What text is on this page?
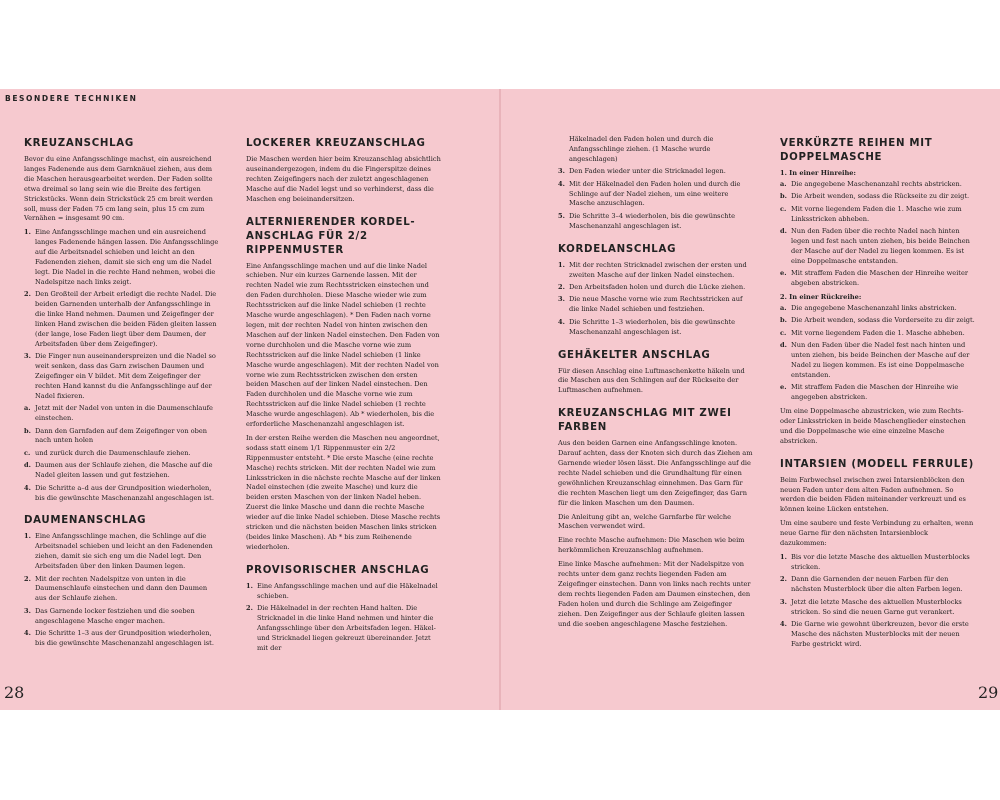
BESONDERE TECHNIKEN
KREUZANSCHLAG

Bevor du eine Anfangsschlinge machst, ein ausreichend langes Fadenende aus dem Garnknäuel ziehen, aus dem die Maschen herausgearbeitet werden. Der Faden sollte etwa dreimal so lang sein wie die Breite des fertigen Strickstücks. Wenn dein Strickstück 25 cm breit werden soll, muss der Faden 75 cm lang sein, plus 15 cm zum Vernähen = insgesamt 90 cm.

1. Eine Anfangsschlinge machen und ein ausreichend langes Fadenende hängen lassen. Die Anfangsschlinge auf die Arbeitsnadel schieben und leicht an den Fadenenden ziehen, damit sie sich eng um die Nadel legt. Die Nadel in die rechte Hand nehmen, wobei die Nadelspitze nach links zeigt.
2. Den Großteil der Arbeit erledigt die rechte Nadel. Die beiden Garnenden unterhalb der Anfangsschlinge in die linke Hand nehmen. Daumen und Zeigefinger der linken Hand zwischen die beiden Fäden gleiten lassen (der lange, lose Faden liegt über dem Daumen, der Arbeitsfaden über dem Zeigefinger).
3. Die Finger nun auseinanderspreizen und die Nadel so weit senken, dass das Garn zwischen Daumen und Zeigefinger ein V bildet. Mit dem Zeigefinger der rechten Hand kannst du die Anfangsschlinge auf der Nadel fixieren.
a. Jetzt mit der Nadel von unten in die Daumenschlaufe einstechen.
b. Dann den Garnfaden auf dem Zeigefinger von oben nach unten holen
c. und zurück durch die Daumenschlaufe ziehen.
d. Daumen aus der Schlaufe ziehen, die Masche auf die Nadel gleiten lassen und gut festziehen.
4. Die Schritte a–d aus der Grundposition wiederholen, bis die gewünschte Maschenanzahl angeschlagen ist.
DAUMENANSCHLAG
1. Eine Anfangsschlinge machen, die Schlinge auf die Arbeitsnadel schieben und leicht an den Fadenenden ziehen, damit sie sich eng um die Nadel legt. Den Arbeitsfaden über den linken Daumen legen.
2. Mit der rechten Nadelspitze von unten in die Daumenschlaufe einstechen und dann den Daumen aus der Schlaufe ziehen.
3. Das Garnende locker festziehen und die soeben angeschlagene Masche enger machen.
4. Die Schritte 1–3 aus der Grundposition wiederholen, bis die gewünschte Maschenanzahl angeschlagen ist.
LOCKERER KREUZANSCHLAG

Die Maschen werden hier beim Kreuzanschlag absichtlich auseinandergezogen, indem du die Fingerspitze deines rechten Zeigefingers nach der zuletzt angeschlagenen Masche auf die Nadel legst und so verhinderst, dass die Maschen eng beieinandersitzen.

ALTERNIERENDER KORDEL-ANSCHLAG FÜR 2/2 RIPPENMUSTER

Eine Anfangsschlinge machen und auf die linke Nadel schieben. Nur ein kurzes Garnende lassen. Mit der rechten Nadel wie zum Rechtsstricken einstechen und den Faden durchholen. Diese Masche wieder wie zum Rechtsstricken auf die linke Nadel schieben (1 rechte Masche wurde angeschlagen). * Den Faden nach vorne legen, mit der rechten Nadel von hinten zwischen den Maschen auf der linken Nadel einstechen. Den Faden von vorne durchholen und die Masche vorne wie zum Rechtsstricken auf die linke Nadel schieben (1 linke Masche wurde angeschlagen). Mit der rechten Nadel von vorne wie zum Rechtsstricken zwischen den ersten beiden Maschen auf der linken Nadel einstechen. Den Faden durchholen und die Masche vorne wie zum Rechtsstricken auf die linke Nadel schieben (1 rechte Masche wurde angeschlagen). Ab * wiederholen, bis die erforderliche Maschenanzahl angeschlagen ist.

In der ersten Reihe werden die Maschen neu angeordnet, sodass statt einem 1/1 Rippenmuster ein 2/2 Rippenmuster entsteht. * Die erste Masche (eine rechte Masche) rechts stricken. Mit der rechten Nadel wie zum Linksstricken in die nächste rechte Masche auf der linken Nadel einstechen (die zweite Masche) und kurz die beiden ersten Maschen von der linken Nadel heben. Zuerst die linke Masche und dann die rechte Masche wieder auf die linke Nadel schieben. Diese Masche rechts stricken und die nächsten beiden Maschen links stricken (beides linke Maschen). Ab * bis zum Reihenende wiederholen.

PROVISORISCHER ANSCHLAG
1. Eine Anfangsschlinge machen und auf die Häkelnadel schieben.
2. Die Häkelnadel in der rechten Hand halten. Die Stricknadel in die linke Hand nehmen und hinter die Anfangsschlinge über den Arbeitsfaden legen. Häkel- und Stricknadel liegen gekreuzt übereinander. Jetzt mit der
Häkelnadel den Faden holen und durch die Anfangsschlinge ziehen. (1 Masche wurde angeschlagen)
3. Den Faden wieder unter die Stricknadel legen.
4. Mit der Häkelnadel den Faden holen und durch die Schlinge auf der Nadel ziehen, um eine weitere Masche anzuschlagen.
5. Die Schritte 3–4 wiederholen, bis die gewünschte Maschenanzahl angeschlagen ist.
KORDELANSCHLAG
1. Mit der rechten Stricknadel zwischen der ersten und zweiten Masche auf der linken Nadel einstechen.
2. Den Arbeitsfaden holen und durch die Lücke ziehen.
3. Die neue Masche vorne wie zum Rechtsstricken auf die linke Nadel schieben und festziehen.
4. Die Schritte 1–3 wiederholen, bis die gewünschte Maschenanzahl angeschlagen ist.
GEHÄKELTER ANSCHLAG

Für diesen Anschlag eine Luftmaschenkette häkeln und die Maschen aus den Schlingen auf der Rückseite der Luftmaschen aufnehmen.

KREUZANSCHLAG MIT ZWEI FARBEN

Aus den beiden Garnen eine Anfangsschlinge knoten. Darauf achten, dass der Knoten sich durch das Ziehen am Garnende wieder lösen lässt. Die Anfangsschlinge auf die rechte Nadel schieben und die Grundhaltung für einen gewöhnlichen Kreuzanschlag einnehmen. Das Garn für die rechten Maschen liegt um den Zeigefinger, das Garn für die linken Maschen um den Daumen.

Die Anleitung gibt an, welche Garnfarbe für welche Maschen verwendet wird.

Eine rechte Masche aufnehmen: Die Maschen wie beim herkömmlichen Kreuzanschlag aufnehmen.

Eine linke Masche aufnehmen: Mit der Nadelspitze von rechts unter dem ganz rechts liegenden Faden am Zeigefinger einstechen. Dann von links nach rechts unter dem rechts liegenden Faden am Daumen einstechen, den Faden holen und durch die Schlinge am Zeigefinger ziehen. Den Zeigefinger aus der Schlaufe gleiten lassen und die soeben angeschlagene Masche festziehen.

VERKÜRZTE REIHEN MIT DOPPELMASCHE
1. In einer Hinreihe:
a. Die angegebene Maschenanzahl rechts abstricken.
b. Die Arbeit wenden, sodass die Rückseite zu dir zeigt.
c. Mit vorne liegendem Faden die 1. Masche wie zum Linksstricken abheben.
d. Nun den Faden über die rechte Nadel nach hinten legen und fest nach unten ziehen, bis beide Beinchen der Masche auf der Nadel zu liegen kommen. Es ist eine Doppelmasche entstanden.
e. Mit straffem Faden die Maschen der Hinreihe weiter abgeben abstricken.
2. In einer Rückreihe:
a. Die angegebene Maschenanzahl links abstricken.
b. Die Arbeit wenden, sodass die Vorderseite zu dir zeigt.
c. Mit vorne liegendem Faden die 1. Masche abheben.
d. Nun den Faden über die Nadel fest nach hinten und unten ziehen, bis beide Beinchen der Masche auf der Nadel zu liegen kommen. Es ist eine Doppelmasche entstanden.
e. Mit straffem Faden die Maschen der Hinreihe wie angegeben abstricken.

Um eine Doppelmasche abzustricken, wie zum Rechts- oder Linksstricken in beide Maschenglieder einstechen und die Doppelmasche wie eine einzelne Masche abstricken.

INTARSIEN (MODELL FERRULE)

Beim Farbwechsel zwischen zwei Intarsienblöcken den neuen Faden unter dem alten Faden aufnehmen. So werden die beiden Fäden miteinander verkreuzt und es können keine Lücken entstehen.

Um eine saubere und feste Verbindung zu erhalten, wenn neue Garne für den nächsten Intarsienblock dazukommen:

1. Bis vor die letzte Masche des aktuellen Musterblocks stricken.
2. Dann die Garnenden der neuen Farben für den nächsten Musterblock über die alten Farben legen.
3. Jetzt die letzte Masche des aktuellen Musterblocks stricken. So sind die neuen Garne gut verankert.
4. Die Garne wie gewohnt überkreuzen, bevor die erste Masche des nächsten Musterblocks mit der neuen Farbe gestrickt wird.
28	29
